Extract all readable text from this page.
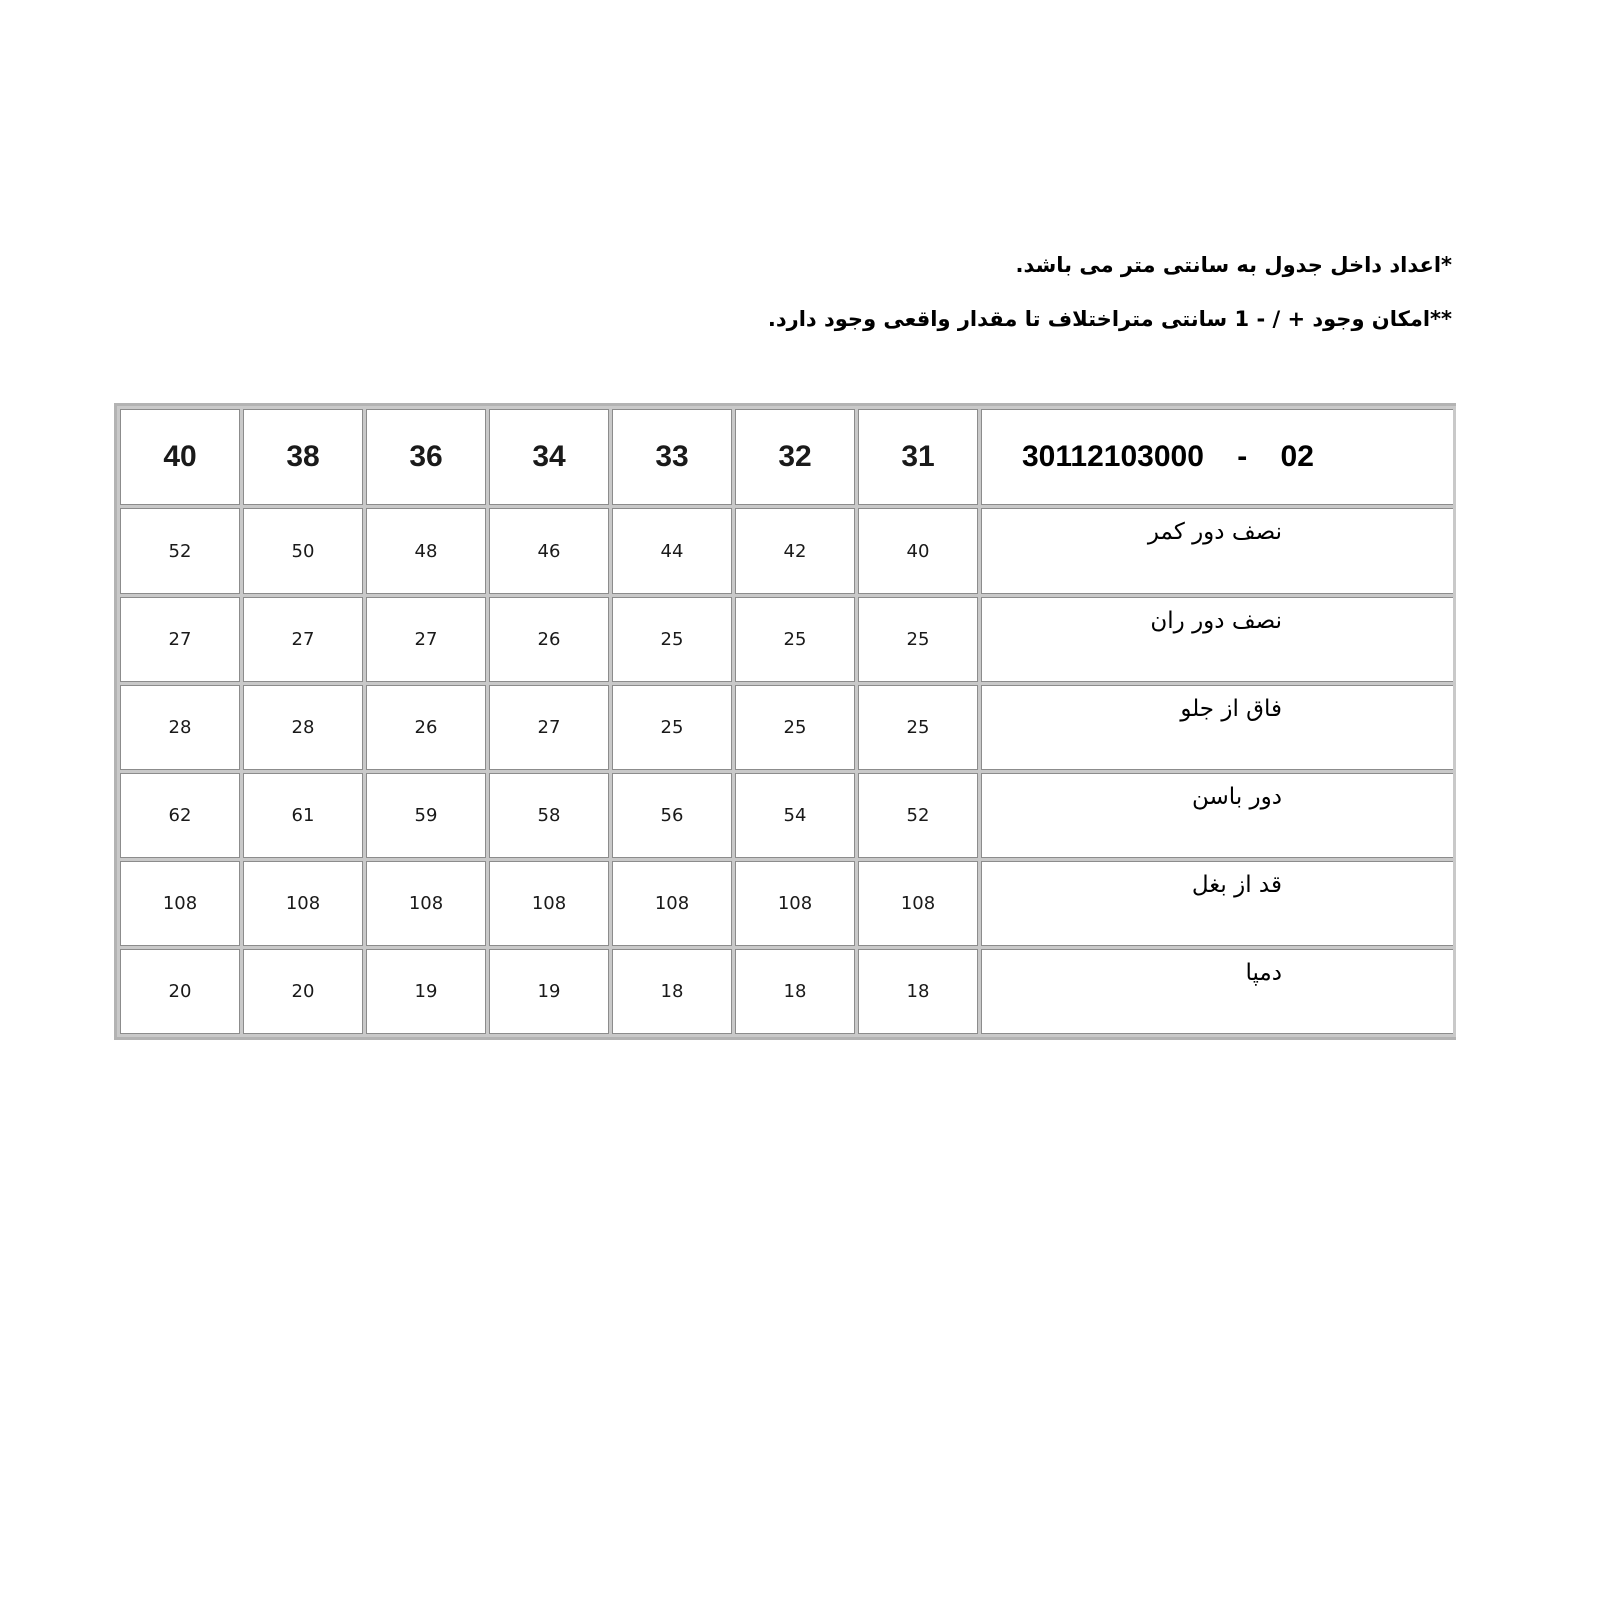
*اعداد داخل جدول به سانتی متر می باشد.
**امکان وجود + / - 1 سانتی متراختلاف تا مقدار واقعی وجود دارد.
40	38	36	34	33	32	31	30112103000    -    02
52	50	48	46	44	42	40	نصف دور کمر
27	27	27	26	25	25	25	نصف دور ران
28	28	26	27	25	25	25	فاق از جلو
62	61	59	58	56	54	52	دور باسن
108	108	108	108	108	108	108	قد از بغل
20	20	19	19	18	18	18	دمپا
